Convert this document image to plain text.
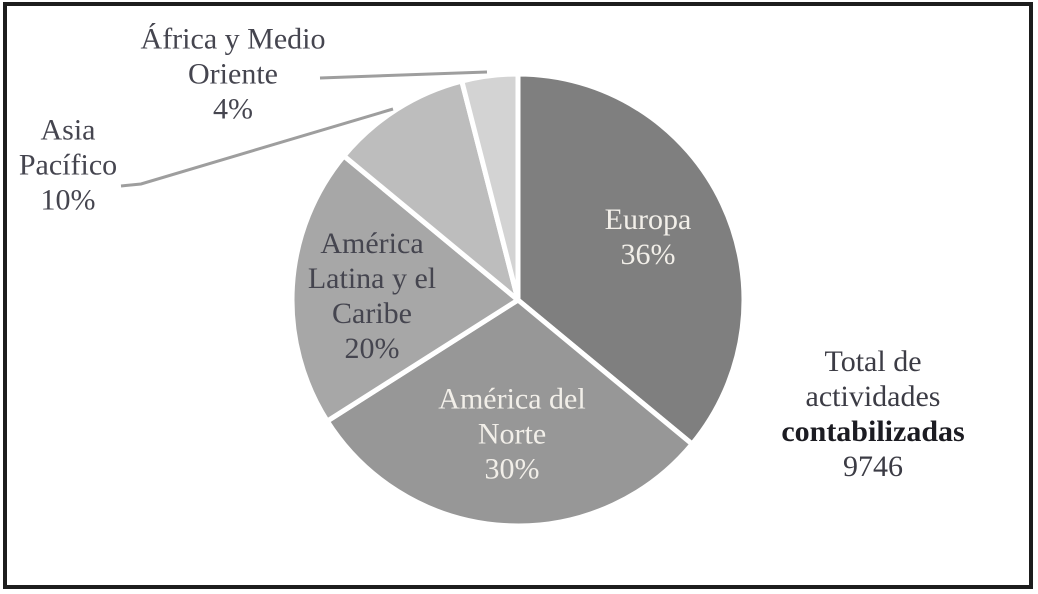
África y Medio
Oriente
4%
Asia
Pacífico
10%
América
Latina y el
Caribe
20%
Europa
36%
América del
Norte
30%
Total de
actividades
contabilizadas
9746
